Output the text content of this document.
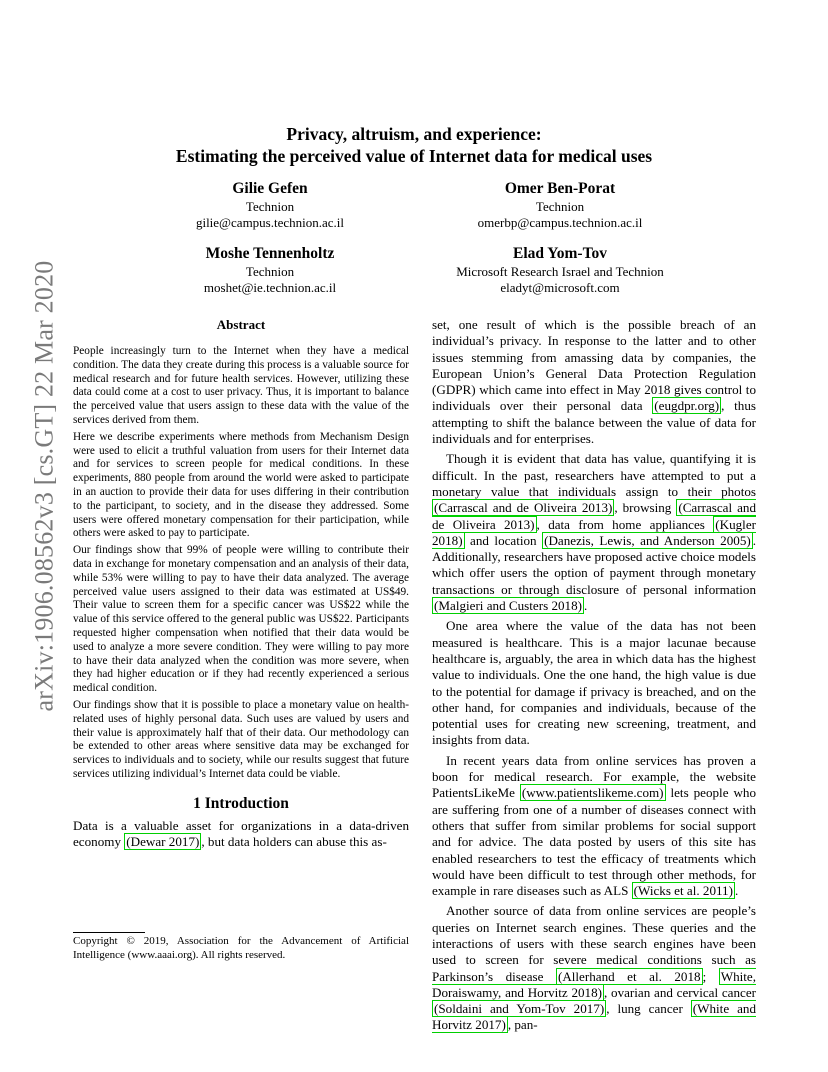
arXiv:1906.08562v3 [cs.GT] 22 Mar 2020
Privacy, altruism, and experience:
Estimating the perceived value of Internet data for medical uses
Gilie Gefen
Technion
gilie@campus.technion.ac.il
Omer Ben-Porat
Technion
omerbp@campus.technion.ac.il
Moshe Tennenholtz
Technion
moshet@ie.technion.ac.il
Elad Yom-Tov
Microsoft Research Israel and Technion
eladyt@microsoft.com
Abstract

People increasingly turn to the Internet when they have a medical condition. The data they create during this process is a valuable source for medical research and for future health services. However, utilizing these data could come at a cost to user privacy. Thus, it is important to balance the perceived value that users assign to these data with the value of the services derived from them.

Here we describe experiments where methods from Mechanism Design were used to elicit a truthful valuation from users for their Internet data and for services to screen people for medical conditions. In these experiments, 880 people from around the world were asked to participate in an auction to provide their data for uses differing in their contribution to the participant, to society, and in the disease they addressed. Some users were offered monetary compensation for their participation, while others were asked to pay to participate.

Our findings show that 99% of people were willing to contribute their data in exchange for monetary compensation and an analysis of their data, while 53% were willing to pay to have their data analyzed. The average perceived value users assigned to their data was estimated at US$49. Their value to screen them for a specific cancer was US$22 while the value of this service offered to the general public was US$22. Participants requested higher compensation when notified that their data would be used to analyze a more severe condition. They were willing to pay more to have their data analyzed when the condition was more severe, when they had higher education or if they had recently experienced a serious medical condition.

Our findings show that it is possible to place a monetary value on health-related uses of highly personal data. Such uses are valued by users and their value is approximately half that of their data. Our methodology can be extended to other areas where sensitive data may be exchanged for services to individuals and to society, while our results suggest that future services utilizing individual’s Internet data could be viable.

1 Introduction

Data is a valuable asset for organizations in a data-driven economy (Dewar 2017) , but data holders can abuse this as-

Copyright © 2019, Association for the Advancement of Artificial Intelligence (www.aaai.org). All rights reserved.

set, one result of which is the possible breach of an individual’s privacy. In response to the latter and to other issues stemming from amassing data by companies, the European Union’s General Data Protection Regulation (GDPR) which came into effect in May 2018 gives control to individuals over their personal data (eugdpr.org) , thus attempting to shift the balance between the value of data for individuals and for enterprises.

Though it is evident that data has value, quantifying it is difficult. In the past, researchers have attempted to put a monetary value that individuals assign to their photos (Carrascal and de Oliveira 2013) , browsing (Carrascal and de Oliveira 2013) , data from home appliances (Kugler 2018) and location (Danezis, Lewis, and Anderson 2005) . Additionally, researchers have proposed active choice models which offer users the option of payment through monetary transactions or through disclosure of personal information (Malgieri and Custers 2018) .

One area where the value of the data has not been measured is healthcare. This is a major lacunae because healthcare is, arguably, the area in which data has the highest value to individuals. One the one hand, the high value is due to the potential for damage if privacy is breached, and on the other hand, for companies and individuals, because of the potential uses for creating new screening, treatment, and insights from data.

In recent years data from online services has proven a boon for medical research. For example, the website PatientsLikeMe (www.patientslikeme.com) lets people who are suffering from one of a number of diseases connect with others that suffer from similar problems for social support and for advice. The data posted by users of this site has enabled researchers to test the efficacy of treatments which would have been difficult to test through other methods, for example in rare diseases such as ALS (Wicks et al. 2011) .

Another source of data from online services are people’s queries on Internet search engines. These queries and the interactions of users with these search engines have been used to screen for severe medical conditions such as Parkinson’s disease (Allerhand et al. 2018 ; White, Doraiswamy, and Horvitz 2018) , ovarian and cervical cancer (Soldaini and Yom-Tov 2017) , lung cancer (White and Horvitz 2017) , pan-
